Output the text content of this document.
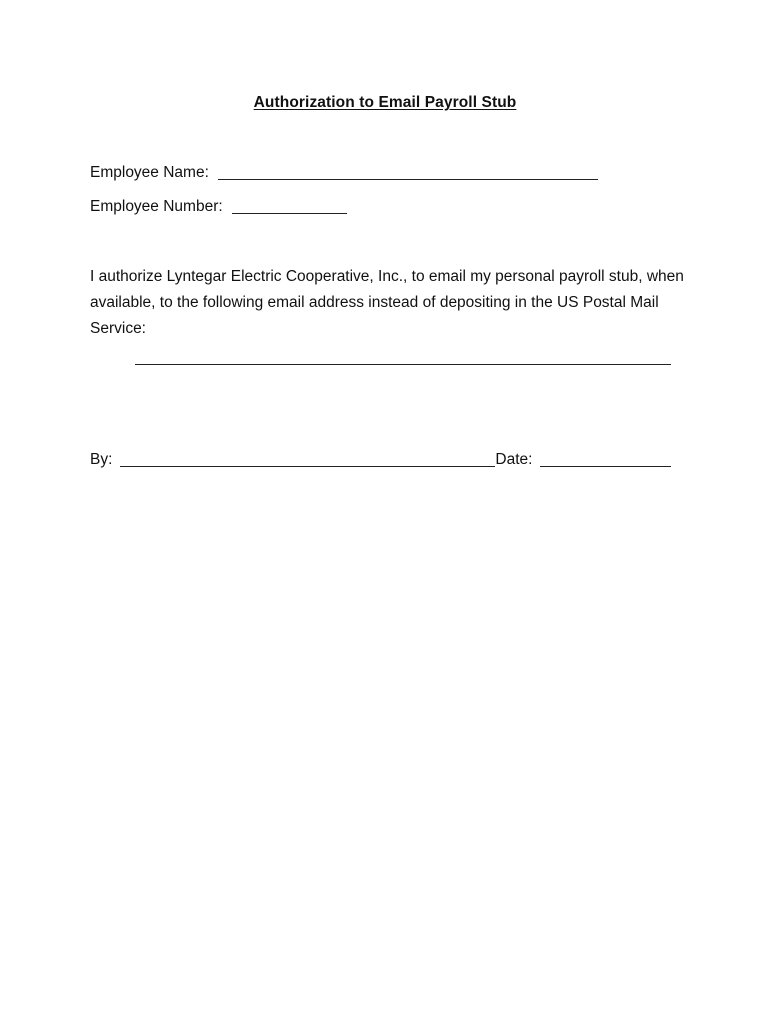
Authorization to Email Payroll Stub
Employee Name:
Employee Number:
I authorize Lyntegar Electric Cooperative, Inc., to email my personal payroll stub, when available, to the following email address instead of depositing in the US Postal Mail Service:
By:	Date:
